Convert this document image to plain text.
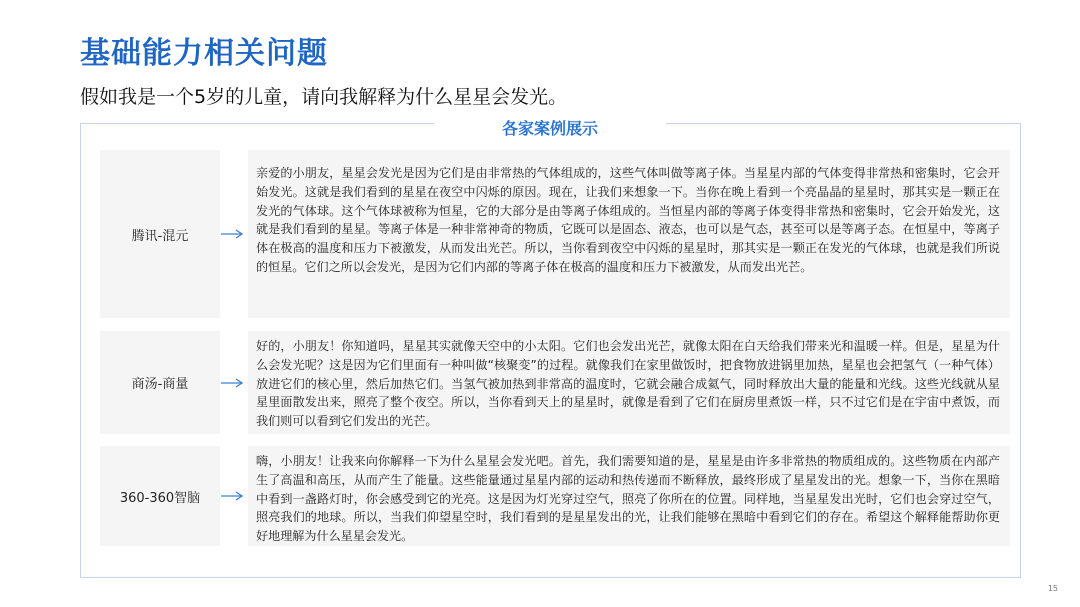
基础能力相关问题
假如我是一个5岁的儿童，请向我解释为什么星星会发光。
各家案例展示
腾讯-混元
亲爱的小朋友，星星会发光是因为它们是由非常热的气体组成的，这些气体叫做等离子体。当星星内部的气体变得非常热和密集时，它会开始发光。这就是我们看到的星星在夜空中闪烁的原因。现在，让我们来想象一下。当你在晚上看到一个亮晶晶的星星时，那其实是一颗正在发光的气体球。这个气体球被称为恒星，它的大部分是由等离子体组成的。当恒星内部的等离子体变得非常热和密集时，它会开始发光，这就是我们看到的星星。等离子体是一种非常神奇的物质，它既可以是固态、液态，也可以是气态，甚至可以是等离子态。在恒星中，等离子体在极高的温度和压力下被激发，从而发出光芒。所以，当你看到夜空中闪烁的星星时，那其实是一颗正在发光的气体球，也就是我们所说的恒星。它们之所以会发光，是因为它们内部的等离子体在极高的温度和压力下被激发，从而发出光芒。
商汤-商量
好的，小朋友！你知道吗，星星其实就像天空中的小太阳。它们也会发出光芒，就像太阳在白天给我们带来光和温暖一样。但是，星星为什么会发光呢？这是因为它们里面有一种叫做“核聚变”的过程。就像我们在家里做饭时，把食物放进锅里加热，星星也会把氢气（一种气体）放进它们的核心里，然后加热它们。当氢气被加热到非常高的温度时，它就会融合成氦气，同时释放出大量的能量和光线。这些光线就从星星里面散发出来，照亮了整个夜空。所以，当你看到天上的星星时，就像是看到了它们在厨房里煮饭一样，只不过它们是在宇宙中煮饭，而我们则可以看到它们发出的光芒。
360-360智脑
嗨，小朋友！让我来向你解释一下为什么星星会发光吧。首先，我们需要知道的是，星星是由许多非常热的物质组成的。这些物质在内部产生了高温和高压，从而产生了能量。这些能量通过星星内部的运动和热传递而不断释放，最终形成了星星发出的光。想象一下，当你在黑暗中看到一盏路灯时，你会感受到它的光亮。这是因为灯光穿过空气，照亮了你所在的位置。同样地，当星星发出光时，它们也会穿过空气，照亮我们的地球。所以，当我们仰望星空时，我们看到的是星星发出的光，让我们能够在黑暗中看到它们的存在。希望这个解释能帮助你更好地理解为什么星星会发光。
15
